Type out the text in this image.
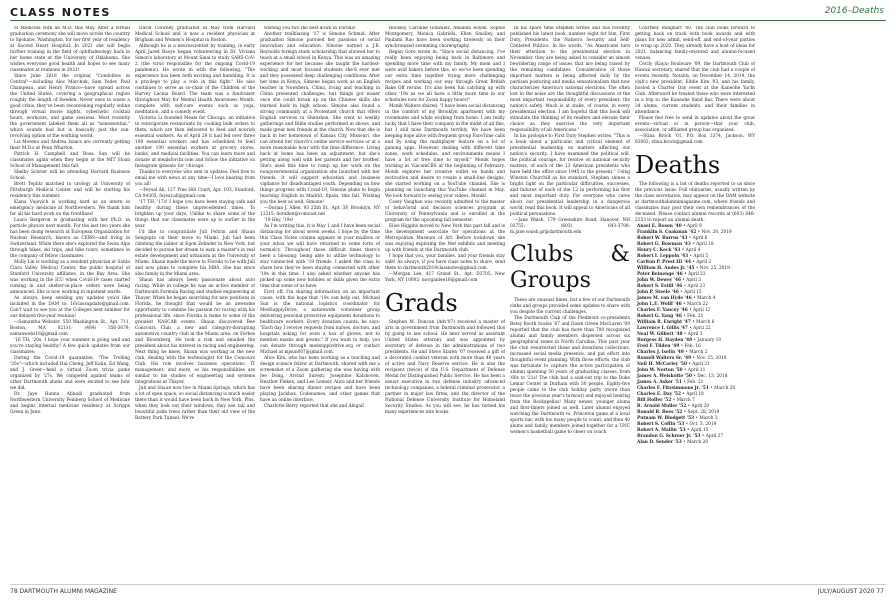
CLASS NOTES	2016–Deaths

of Medicine with an M.D. this May. After a virtual graduation ceremony she will move across the country to Spokane, Washington, for her first year of residency at Sacred Heart Hospital. In 2021 she will begin further training in the field of ophthalmology back in her home state at the University of Oklahoma. She wishes everyone good health and hopes to see many classmates at reunions in 2021!

Since June 2018 the original "Condolites in Central"—including Alec Marchuk, Sam Yoder, Paul Champeau, and Henry Franco—have spread across the United States, covering a geographical region roughly the length of Sweden. Never ones to waste a good crisis, they've been reconvening regularly online through virtual movie nights, cybernetic cocktail hours, workouts, and game sessions. Most recently the government labeled them all as "nonessential," which sounds bad but is basically just the sun-revolving option of the working world.

Liz Moreno and Andrea Isaacs are currently getting their M.D.s at Penn Wharton.

Patrick H. Campbell and Rosa Sun will be classmates again when they begin at the MIT Sloan School of Management this fall.

Shelby Schrier will be attending Harvard Business School.

Brett Teplitz matched to urology at University of Pittsburgh Medical Center and will be starting his residency this summer.

Kiana Vujovich is working hard as an intern in emergency medicine at Northwestern. We thank him for all his hard work on the frontlines!

Laura Bergeron is graduating with her Ph.D. in particle physics next month. For the last two years she has been doing research at European Organization for Nuclear Research, known as CERN—and living in Switzerland. While there she's explored the Swiss Alps through hikes, ski trips, and bike tours, sometimes in the company of fellow classmates.

Molly Lin is working as a resident physician at Santa Clara Valley Medical Center, the public hospital of Stanford University affiliates, in the Bay Area. She was working in the ICU when Covid-19 cases started coming in and shelter-in-place orders were being announced. She is now working in inpatient wards.

As always, keep sending any updates you'd like included in the DAM to: 16classupdate@gmail.com. Can't wait to see you at the Colleges next summer for our delayed five-year reunion!

—Samantha Webster, 550 Washington St., Apt. 711, Boston, MA 02111; (484) 356-3679; samanwebs16@gmail.com

'16 TH, '20s. I hope your summer is going well and you're staying healthy! A few quick updates from our classmates:

During the Covid-19 quarantine, "The Trolling '20s"—which included Hal Cheng, Jeff Kahn, Ed Wang, and J. Greer—held a virtual Zoom trivia game organized by '27s. We competed against teams of other Dartmouth alums and were excited to see how we did.

Dr. Jaye Hanna Abbadi graduated from Northwestern University Feinberg School of Medicine and begins internal medicine residency at Scripps Green in June.

David Clowney graduated in May from Harvard Medical School and is now a resident physician at Brigham and Women's Hospital in Boston.

Although he is a neuroscientist by training, in early April Jared Baoyo began volunteering in Dr. Viviana Simon's laboratory at Mount Sinai to study SARS-CoV-2 (the virus responsible for the ongoing Covid-19 pandemic). He wrote in with the following, "The experience has been both exciting and humbling. It is a privilege to play a role in this fight." He also continues to serve as co-chair of the Children of the Harvey Lacina Board. The team was a fundraiser throughout May for Mental Health Awareness Month, complete with self-care events such as yoga, meditation, and a comedy event.

Victoria Li founded Meals for Chicago, an initiative to reinvigorate restaurants by cooking bulk orders to them, which are then delivered to feed and nourish essential workers. As of April 29 it had fed over three 100 essential workers and has scheduled to feed another 100 essential workers at grocery stores, banks, and medical facilities. You can learn more and donate at mealsforchi.com and follow the initiative on Instagram @meals_for_chicago.

Thanks to everyone who sent in updates. Feel free to email me with news at any time—I love hearing from you all!

—Feysal Ali, 127 Pine Hill Court, Apt. 103, Stanford, CA 94305; feysal.ali@gmail.com

'17 TH, '17s! I hope you have been staying safe and healthy during these unprecedented times. To brighten up your days, Unlike to share some of the things that our classmates were up to earlier in the year.

I'd like to congratulate Juli Feltrin and Shaun Sengupta on their move to Miami. Juli had been climbing the ladder at Egon Zehnder in New York, but decided to pursue her dream to earn a master's in real estate development and urbanism at the University of Miami. Shaun made the move to Florida to be with Juli and now plans to complete his MBA. She has since also family in the Miami area.

Shaun has always been passionate about auto racing. While in college he was an active member of Dartmouth Formula Racing and studied engineering at Thayer. When he began searching for new positions in Florida, he thought that would be an awesome opportunity to combine his passion for racing with his professional life, since Florida is home to some of the greatest NASCAR events. Shaun discovered Bee Concours Club, a new and category-disrupting automotive country club in the Miami area, on Forbes and Bloomberg. He took a risk and emailed the president about his interest in racing and engineering. Next thing he knew, Shaun was working at the new club, dealing with the technologist for the Concours Club. His role involves business operations, IT management, and more, so his responsibilities are similar to his studies of engineering and systems integrations at Thayer.

Juli and Shaun now live in Miami Springs, which has a lot of open space, so social distancing is much easier there than it would have been back in New York. Plus, when they look out their windows, they see tall and beautiful palm trees rather than their old view of the Battery Park Tunnel. We're

wishing you two the best down in Florida!

Another trailblazing '17 is Simone Schmid. After graduation Simone pursued her passions of social innovation and education. Simone earned a J.B. Reynolds foreign study scholarship that allowed her to teach at a small school in Kenya. This was an amazing experience for her because she taught the hardest-working and most focused students she'd ever met and they possessed deep challenging conditions. After her time in Kenya, Simone began work as an English teacher in Nowshera, China, living and teaching in China presented challenges, but things got easier once she could break up on the Chinese skills she learned back in high school. Simone also found a strong community at a Protestant church that offers English services in Shenzhen. She went to weekly gatherings and Bible studies performed in shows, and made great new friends at the church. Now that she is back in her hometown of Kansas City, Missouri, she can attend her church's online service services or at a more reasonable hour with the time difference. Living back at home has been an adjustment, but she's getting along well with her parents and her brother. She's used this time to ramp up her work on the nongovernmental organization she launched with her friends. It will support education and business vigilance for disadvantaged youth. Depending on how things progress with Covid-19, Simone plans to begin teaching English in Madrid, Spain, this fall. Wishing you the best as well, Simone!

—Dorian J. Allen, 93 25th St., Apt. 3F, Brooklyn, NY 11215; dorallen@comcast.net

'19 Hey, '19s!

As I'm writing this, it is May 1 and I have been social distancing for about seven weeks. I hope by the time this Class Notes column appears in your mailbox or your inbox we will have returned to some form of normalcy. Throughout these difficult times there's been a blessing: being able to utilize technology to stay connected with '19 friends. I asked the class to share how they've been staying connected with other '19s in this time. I also asked whether anyone has picked up some new hobbies or skills given the extra time that some of us have.

First off, I'm sharing information on an important cause, with the hope that '19s can help out. Michael Sun is the national logistics coordinator for MedSupplyDrive, a nationwide volunteer group delivering personal protective equipment donations to healthcare workers. Every donation counts, he says: "Each day I receive requests from nurses, doctors, and hospitals asking for even a box of gloves, not to mention masks and gowns." If you want to help, you can donate through medsupplydrive.org or contact Michael at mjsun007@gmail.com.

Alice Kim, who has been working as a teaching and design science fellow at Dartmouth, shared with me a screenshot of a Zoom gathering she was having with Jee Dong, Arvind Suresh, Josephine Kalshoven, Heather Fleken, and Lee Lenner. Alice and her friends have been sharing dinner recipes and have been playing Jackbox, Codenames, and other games that have an online interface.

Charlotte Berry reported that she and Abigail

Buckley, Caroline Gonzalez, Amanda Royek, Sophie Montgomery, Monica Gabriela, Ellen Smalley, and Paulami Rao have been working tirelessly on their synchronized swimming choreography.

Regan Gore wrote in, "Since social distancing, I've really been enjoying being back in Baltimore and spending more time with my family. My mom and I were avid bakers before this, so we've been spending our extra time together trying more challenging recipes and working our way through Great British Bake Off reruns. It's also been fun catching up with other '19s as we all have a little more time in our schedules now for Zoom happy hours!"

Monik Walters shared, "I have been social distancing in the comfort of my Brooklyn apartment with my roommates and while working from home. I am really lucky that I have their company in the midst of all this, but I still miss Dartmouth terribly. We have been keeping hope alive with frequent group FaceTime calls and by using the multiplayer feature on a lot of gaming apps. However, dealing with different time zones, work schedules, and environments means I have a lot of free time to myself." Monik hopes working at ViacomCBS at the beginning of February. Monik explores her creative outlet on hands and motivation and desire to create a small-line designs, she started working on a YouTube channel. She is planning on launching this YouTube channel in May. We look forward to seeing your videos, Monik!

Casey Vaughan was recently admitted to the master of behavioral and decision sciences program at University of Pennsylvania and is enrolled in the program for the upcoming fall semester.

Elise Higgins moved to New York this past fall and is the development associate for operations at the Metropolitan Museum of Art. Before lockdown she was enjoying exploring the Met exhibits and meeting up with friends at the Dartmouth club.

I hope that you, your families, and your friends stay safe! As always, if you have class notes to share, send them to dartmouth2019classnotes@gmail.com.

—Morgan Lee, 417 Grand St., Apt. D3705, New York, NY 10002; morganlee16@gmail.com

Grads

Stephen M. Duncan (Adv'07) received a master of arts in government from Dartmouth and followed this by going to law school. He later served as assistant United States attorney and was appointed by secretary of defense in the administrations of two presidents. He and Steve Staren '07 received a gift of a decorated combat veteran with more than 40 years of active and Navy Reserve service. He is also the recipient (twice) of the U.S. Department of Defense Medal for Distinguished Public Service. He has been a senior executive in two defense industry advanced technology companies, a federal criminal prosecutor, a partner in major law firms, and the director of the National Defense University Institute for Homeland Security Studies. As you will see, he has turned his many experiences into books.

In his spare time Stephen writes and has recently published his latest book, number eight for him, First Duty, Presidents, the Nation's Security and Self-Centered Politics. In his words, "As Americans turn their attention to the presidential election in November, they are being asked to consider an almost bewildering range of issues that are being raised by the remaining candidates. Consideration of those important matters is being affected daily by the partisan posturing and media sensationalism that now characterizes America's national elections. The often lost in the noise are the thoughtful discussions of the most important responsibility of every president: the nation's safety. Much is at stake, of course, in every presidential election. I am hopeful that this book will stimulate the thinking of its readers and elevate their choice as they exercise the very important responsibility of all Americans."

In his prologue to First Duty Stephen writes, "This is a book about a particular and critical element of presidential leadership on matters affecting our nation's security. I have examined the political will, the political courage, for resolve on national security matters, of each of the 13 American presidents who have held the office since 1945 to the present." Using Winston Churchill as his standard, Stephen shines a bright light on the particular difficulties, successes, and failures of each of the 13 in performing his first and most important duty. For everyone who cares about our presidential leadership in a dangerous world, read this book. It will appeal to Americans of all political persuasions.

—Jane Walsh, 179 Greenshire Road, Hanover, NH 03755; (603) 643-3789; m.jane.walsh.gr@dartmouth.edu

Clubs & Groups

These are unusual times, but a few of our Dartmouth clubs and groups provided some updates to share with you despite the current challenges.

The Dartmouth Club of the Piedmont co-presidents Betsy Booth Scales '87 and Dawn Green MacLaren '09 reported that the club has more than 700 recognized alumni and family members dispersed across six geographical zones in North Carolina. This past year the club resurrected these and donations collections, increased social media presence, and put effort into thoughtful event planning. With those efforts, the club was fortunate to capture the active participation of alumni spanning 50 years of graduating classes, from '60s to '21s! The club had a sold-out trip to the Duke Lemur Center in Durham with 30 people. Eighty-five people came to the club holiday party (more than twice the previous year's turnout) and enjoyed hearing from the Rockapellas! Many newer, younger alums and first-timers joined as well. Later alumni enjoyed watching the Dartmouth vs. Princeton game at a local sports bar, with too many people to count, and then 40 alums and family members joined together for a UNC women's basketball game to cheer on coach

Courtney Banghart '00. The club looks forward to getting back on track with book awards and with plans for new admit, send-off, and end-of-year parties to wrap up 2020. They already have a host of ideas for 2021, balancing family-oriented and alumni-focused venues.

Cecily (Kaya) Boulware '09, the Dartmouth Club of Hawaii secretary, shared that the club had a couple of events recently. Notably, on December 14, 2019, the club's new president, Eddie Kim '03, and his family, hosted a Charter Day event at the Kaneohe Yacht Club. Afterward he treated those who were interested in a trip to the Kaneohe Sand Bar. There were about 34 alums, current students, and their families in attendance.

Please feel free to send in updates about the great events—virtual or in person—that your club, association, or affiliated group has organized.

—Stina Brock '01, P.O. Box 3374, Jackson, WY 83002; stina.brock@gmail.com

Deaths

The following is a list of deaths reported to us since the previous issue. Full obituaries, usually written by the class secretaries, may appear on the DAM website at dartmouthalumnimagazine.com, where friends and classmates may post their own remembrances of the deceased. Please contact alumni records at (603) 646-2253 to report an alumni death.

Ansel E. Boson '40 • April 9
Franklin S. Coakman '42 • Nov. 28, 2019
Robert W. Barrus '43 • April 6
Robert G. Bowman '43 • April 18
Henry C. Keck '43 • April 4
Robert I. Leppoln '43 • April 5
Carlton P. Prest III '44 • April 2
William H. Andes Jr. '45 • Nov. 25, 2019
Peter Reinenge '46 • April 22
John W. Dewey '46 • April 3
Robert S. Estill '46 • April 23
John P. Steele '46 • April 15
James M. van Hyde '46 • March 4
John L.E. Wolff '46 • March 22
Charles F. Yancey '46 • April 12
Robert G. Yang '46 • Feb. 21
William R. Enright '47 • March 6
Lawrence I. Gillis '47 • April 22
Neal W. Gilbert '48 • April 3
Burgess H. Hayden '48 • January 10
Fred F. Tilden '49 • Feb. 16
Charles J. Iselin '49 • March 2
Russell Walters Sr. '49 • Nov. 25, 2019
Neil H. McCarley '50 • April 21
John W. Norton '50 • April 11
James A. Weiskotte '50 • Dec. 13, 2018
James A. Asker '51 • Feb. 21
Charles F. Fitzsimmons Jr. '51 • March 20
Charles E. Day '52 • April 18
Bill Hoffer '52 • March 7
R. Arnold Muller '52 • April 29
Ronald R. Rees '52 • Sept. 28, 2019
Putnam W. Blodgett '53 • March 3
Robert S. Coffin '53 • Oct. 3, 2019
Robert A. Mallin '53 • April 15
Brandon G. Schroer Jr. '53 • April 27
Alan D. Sender '53 • March 28
78 DARTMOUTH ALUMNI MAGAZINE	JULY/AUGUST 2020 77
